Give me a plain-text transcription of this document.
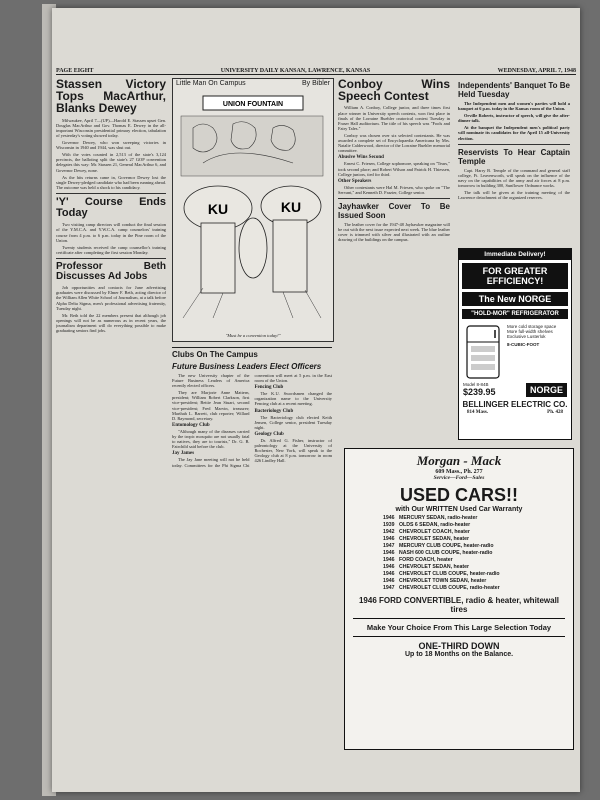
PAGE EIGHT	UNIVERSITY DAILY KANSAN, LAWRENCE, KANSAS	WEDNESDAY, APRIL 7, 1948
Stassen Victory Tops MacArthur, Blanks Dewey

Milwaukee, April 7—(UP)—Harold E. Stassen upset Gen. Douglas MacArthur and Gov. Thomas E. Dewey in the all-important Wisconsin presidential primary election, tabulation of yesterday's voting showed today.

Governor Dewey, who won sweeping victories in Wisconsin in 1940 and 1944, was shut out.

With the votes counted in 2,513 of the state's 3,124 precincts, the balloting split the state's 27 GOP convention delegates this way: Mr. Stassen 21, General MacArthur 6, and Governor Dewey, none.

As the hits returns came in, Governor Dewey lost the single Dewey-pledged candidate who had been running ahead. The outcome was held a shock to his candidacy.

'Y' Course Ends Today

Two visiting camp directors will conduct the final session of the Y.M.C.A. and Y.W.C.A. camp counselors' training course from 4 p.m. to 6 p.m. today in the Pine room of the Union.

Twenty students received the camp counsellor's training certificate after completing the first session Monday.

Professor Beth Discusses Ad Jobs

Job opportunities and contacts for June advertising graduates were discussed by Elmer F. Beth, acting director of the William Allen White School of Journalism, at a talk before Alpha Delta Sigma, men's professional advertising fraternity, Tuesday night.

Mr. Beth told the 22 members present that although job openings will not be as numerous as in recent years, the journalism department will do everything possible to make graduating seniors find jobs.

Little Man On Campus	By Bibler
UNION FOUNTAIN
KU	KU
"Must be a convention today!"
Conboy Wins Speech Contest

William A. Conboy, College junior, and three times first place winner in University speech contests, won first place in finals of the Lorraine Buehler oratorical contest Tuesday in Fraser Hall auditorium. The title of his speech was "Fools and Fairy Tales."

Conboy was chosen over six selected contestants. He was awarded a complete set of Encyclopaedia Americana by Mrs. Natalie Calderwood, director of the Lorraine Buehler memorial committee.

Abusive Wins Second

Ernest C. Friesen, College sophomore, speaking on "Tears," took second place; and Robert Wilson and Patrick H. Thiessen, College juniors, tied for third.

Other Speakers

Other contestants were Hal M. Friesen, who spoke on "The Servant," and Kenneth D. Frazier, College senior.

Jayhawker Cover To Be Issued Soon

The leather cover for the 1947-48 Jayhawker magazine will be out with the next issue expected next week. The blue leather cover is trimmed with silver and illustrated with an outline drawing of the buildings on the campus.

Independents' Banquet To Be Held Tuesday

The Independent men and women's parties will hold a banquet at 6 p.m. today in the Kansas room of the Union.

Orville Roberts, instructor of speech, will give the after-dinner talk.

At the banquet the Independent men's political party will nominate its candidates for the April 15 all-University election.

Reservists To Hear Captain Temple

Capt. Harry B. Temple of the command and general staff college, Ft. Leavenworth, will speak on the influence of the navy on the capabilities of the army and air forces at 8 p.m. tomorrow in building 300, Sunflower Ordnance works.

The talk will be given at the training meeting of the Lawrence detachment of the organized reserves.

Immediate Delivery!
FOR GREATER EFFICIENCY!
The New NORGE
"HOLD-MOR" REFRIGERATOR
More cold storage space
More full-width shelves
Exclusive Lusterlok
8-CUBIC-FOOT
Model 8-84B
$239.95	NORGE
BELLINGER ELECTRIC CO.
814 Mass.	Ph. 428
Clubs On The Campus
Future Business Leaders Elect Officers

The new University chapter of the Future Business Leaders of America recently elected officers.

They are Marjorie Anne Mattern, president; William Robert Clarkson, first vice-president; Bettie Jean Stuart, second vice-president; Fred Marvin, treasurer; Marthah L. Barrett, club reporter; Willard D. Raymond, secretary.

Entomology Club

"Although many of the diseases carried by the tropic mosquito are not usually fatal to natives, they are to tourists," Dr. G. B. Fairchild said before the club.

Jay James

The Jay Jane meeting will not be held today. Committees for the Phi Sigma Chi convention will meet at 5 p.m. in the East room of the Union.

Fencing Club

The K.U. Swordsmen changed the organization name to the University Fencing club at a recent meeting.

Bacteriology Club

The Bacteriology club elected Keith Jensen, College senior, president Tuesday night.

Geology Club

Dr. Alfred G. Fisher, instructor of paleontology at the University of Rochester, New York, will speak to the Geology club at 8 p.m. tomorrow in room 426 Lindley Hall.	Morgan - Mack
609 Mass., Ph. 277
Service—Ford—Sales
USED CARS!!
with Our WRITTEN Used Car Warranty
1946 MERCURY SEDAN, radio-heater
1939 OLDS 6 SEDAN, radio-heater
1942 CHEVROLET COACH, heater
1946 CHEVROLET SEDAN, heater
1947 MERCURY CLUB COUPE, heater-radio
1946 NASH 600 CLUB COUPE, heater-radio
1946 FORD COACH, heater
1946 CHEVROLET SEDAN, heater
1946 CHEVROLET CLUB COUPE, heater-radio
1946 CHEVROLET TOWN SEDAN, heater
1947 CHEVROLET CLUB COUPE, radio-heater
1946 FORD CONVERTIBLE, radio & heater, whitewall tires
Make Your Choice From This Large Selection Today
ONE-THIRD DOWN
Up to 18 Months on the Balance.
